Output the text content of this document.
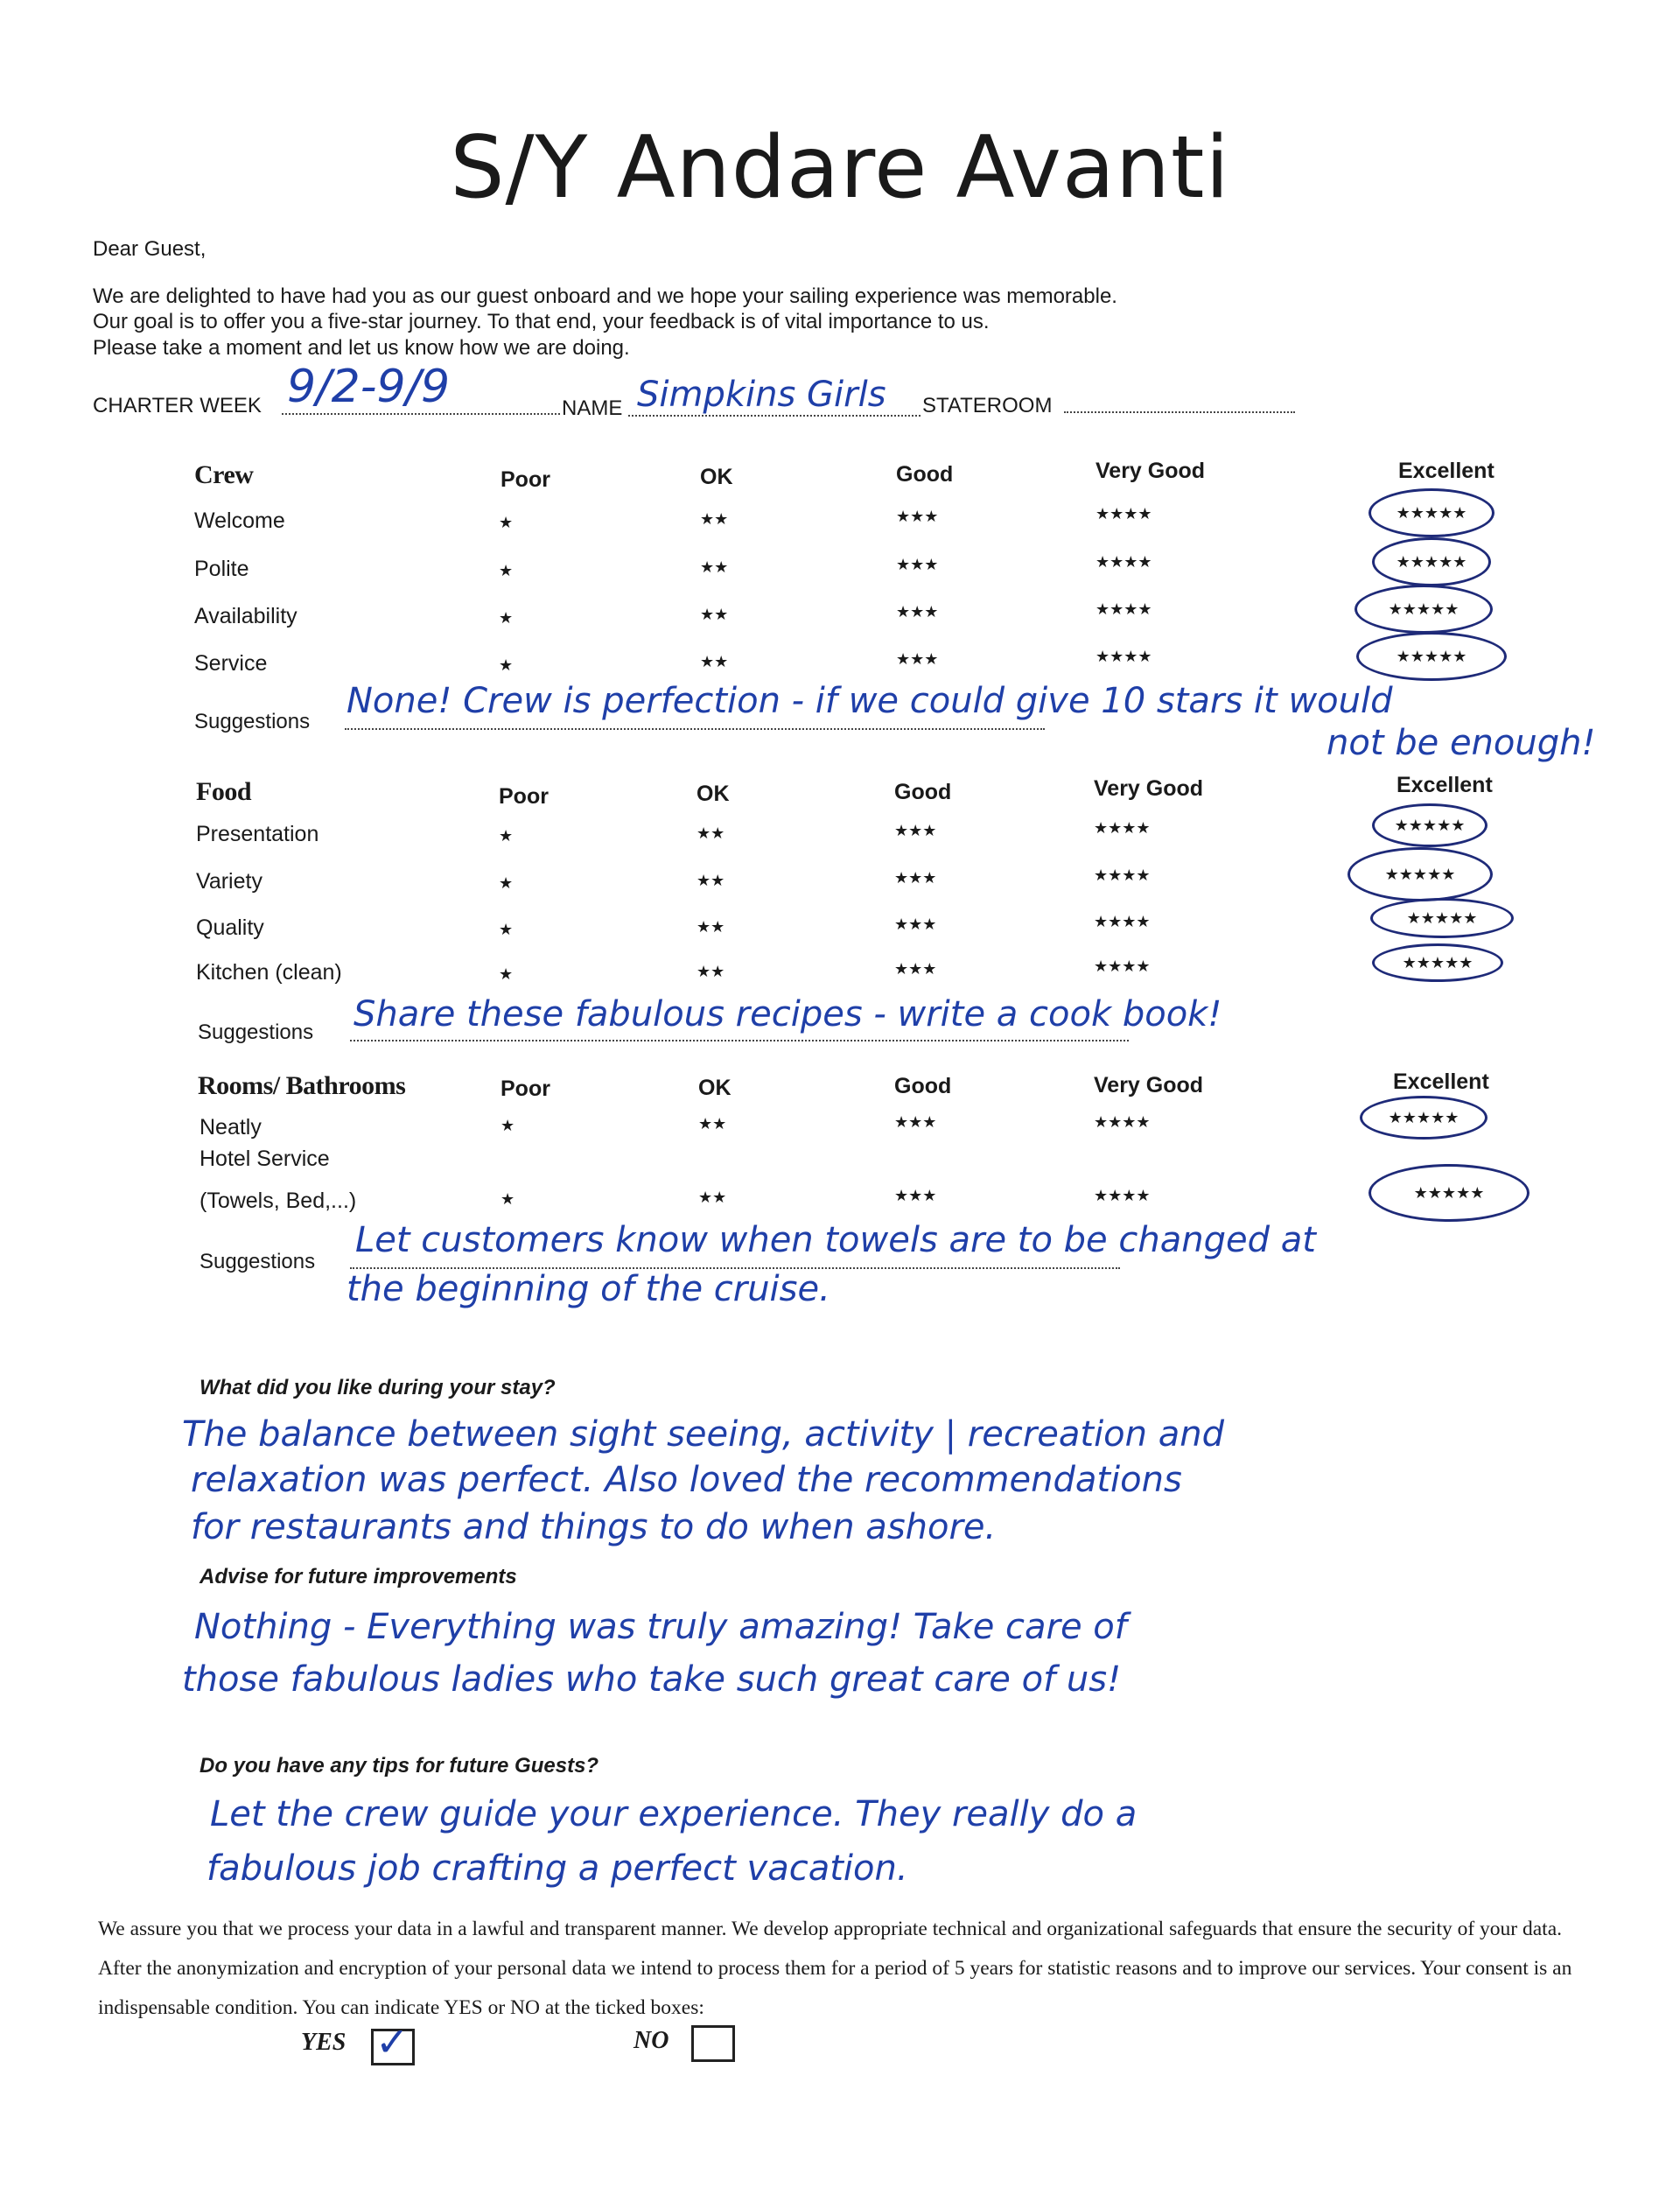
S/Y Andare Avanti
Dear Guest,
We are delighted to have had you as our guest onboard and we hope your sailing experience was memorable.
Our goal is to offer you a five-star journey. To that end, your feedback is of vital importance to us.
Please take a moment and let us know how we are doing.
CHARTER WEEK 9/2-9/9	NAME Simpkins Girls STATEROOM
Crew	Poor	OK	Good	Very Good	Excellent
Welcome	★	★★	★★★	★★★★	★★★★★
Polite	★	★★	★★★	★★★★	★★★★★
Availability	★	★★	★★★	★★★★	★★★★★
Service	★	★★	★★★	★★★★	★★★★★
Suggestions
None! Crew is perfection - if we could give 10 stars it would
not be enough!
Food	Poor	OK	Good	Very Good	Excellent
Presentation	★	★★	★★★	★★★★	★★★★★
Variety	★	★★	★★★	★★★★	★★★★★
Quality	★	★★	★★★	★★★★	★★★★★
Kitchen (clean)	★	★★	★★★	★★★★	★★★★★
Suggestions Share these fabulous recipes - write a cook book!
Rooms/ Bathrooms	Poor	OK	Good	Very Good	Excellent
Neatly	★	★★	★★★	★★★★	★★★★★
Hotel Service
(Towels, Bed,...)	★	★★	★★★	★★★★	★★★★★
Suggestions
Let customers know when towels are to be changed at
the beginning of the cruise.
What did you like during your stay?
The balance between sight seeing, activity | recreation and
relaxation was perfect. Also loved the recommendations
for restaurants and things to do when ashore.
Advise for future improvements
Nothing - Everything was truly amazing! Take care of
those fabulous ladies who take such great care of us!
Do you have any tips for future Guests?
Let the crew guide your experience. They really do a
fabulous job crafting a perfect vacation.
We assure you that we process your data in a lawful and transparent manner. We develop appropriate technical and organizational safeguards that ensure the security of your data. After the anonymization and encryption of your personal data we intend to process them for a period of 5 years for statistic reasons and to improve our services. Your consent is an indispensable condition. You can indicate YES or NO at the ticked boxes:
YES ✓	NO
